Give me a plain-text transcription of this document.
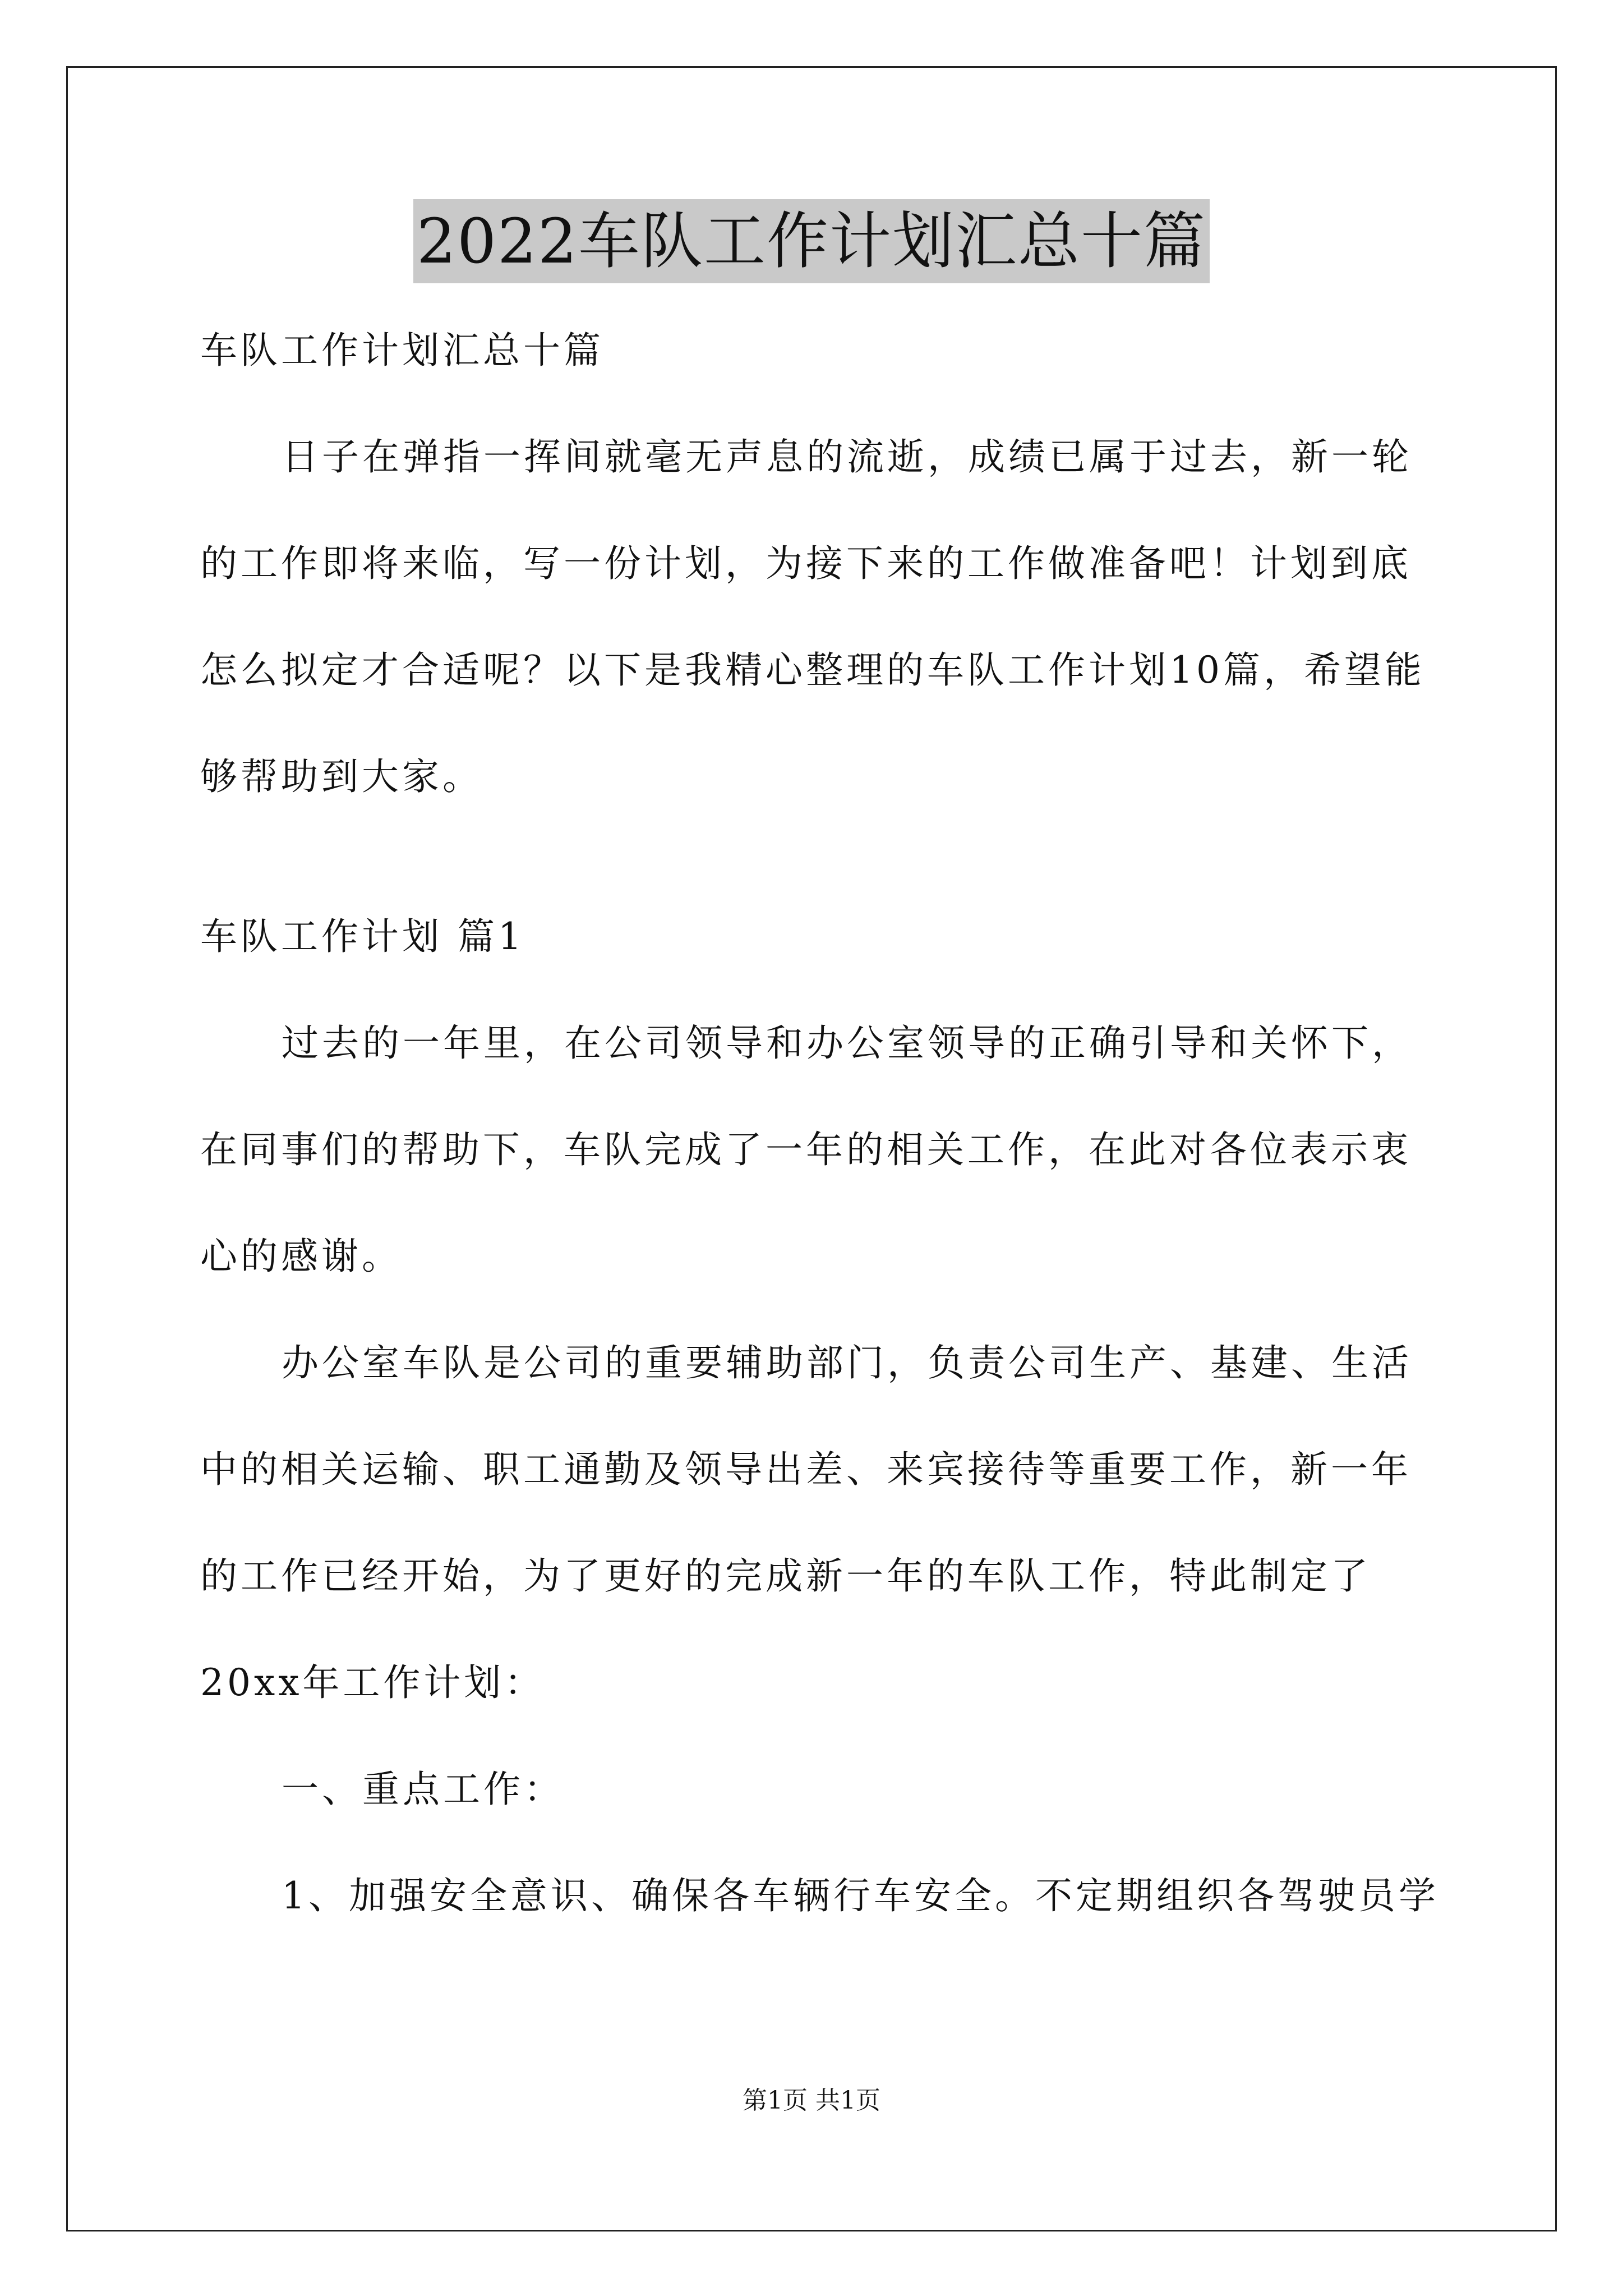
2022车队工作计划汇总十篇

车队工作计划汇总十篇

日子在弹指一挥间就毫无声息的流逝，成绩已属于过去，新一轮

的工作即将来临，写一份计划，为接下来的工作做准备吧！计划到底

怎么拟定才合适呢？以下是我精心整理的车队工作计划10篇，希望能

够帮助到大家。

车队工作计划 篇1

过去的一年里，在公司领导和办公室领导的正确引导和关怀下，

在同事们的帮助下，车队完成了一年的相关工作，在此对各位表示衷

心的感谢。

办公室车队是公司的重要辅助部门，负责公司生产、基建、生活

中的相关运输、职工通勤及领导出差、来宾接待等重要工作，新一年

的工作已经开始，为了更好的完成新一年的车队工作，特此制定了

20xx年工作计划：

一、重点工作：

1、加强安全意识、确保各车辆行车安全。不定期组织各驾驶员学

第1页 共1页
